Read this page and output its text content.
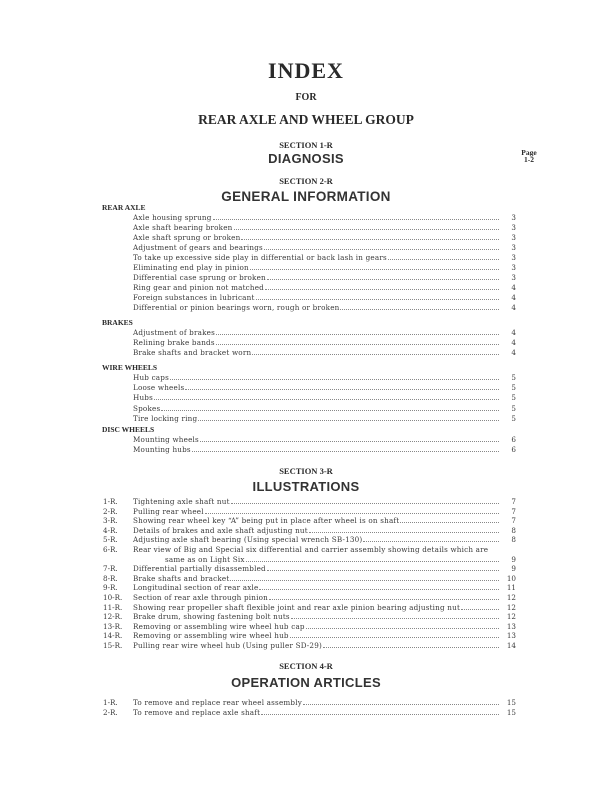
INDEX
FOR
REAR AXLE AND WHEEL GROUP
SECTION 1-R
DIAGNOSIS	Page
1-2
SECTION 2-R
GENERAL INFORMATION
SECTION 3-R
ILLUSTRATIONS
SECTION 4-R
OPERATION ARTICLES
REAR AXLE
Axle housing sprung	3
Axle shaft bearing broken	3
Axle shaft sprung or broken	3
Adjustment of gears and bearings	3
To take up excessive side play in differential or back lash in gears	3
Eliminating end play in pinion	3
Differential case sprung or broken	3
Ring gear and pinion not matched	4
Foreign substances in lubricant	4
Differential or pinion bearings worn, rough or broken	4
BRAKES
Adjustment of brakes	4
Relining brake bands	4
Brake shafts and bracket worn	4
WIRE WHEELS
Hub caps	5
Loose wheels	5
Hubs	5
Spokes	5
Tire locking ring	5
DISC WHEELS
Mounting wheels	6
Mounting hubs	6
1-R.	Tightening axle shaft nut	7
2-R.	Pulling rear wheel	7
3-R.	Showing rear wheel key “A” being put in place after wheel is on shaft	7
4-R.	Details of brakes and axle shaft adjusting nut	8
5-R.	Adjusting axle shaft bearing (Using special wrench SB-130)	8
6-R.	Rear view of Big and Special six differential and carrier assembly showing details which are
same as on Light Six	9
7-R.	Differential partially disassembled	9
8-R.	Brake shafts and bracket	10
9-R.	Longitudinal section of rear axle	11
10-R.	Section of rear axle through pinion	12
11-R.	Showing rear propeller shaft flexible joint and rear axle pinion bearing adjusting nut	12
12-R.	Brake drum, showing fastening bolt nuts	12
13-R.	Removing or assembling wire wheel hub cap	13
14-R.	Removing or assembling wire wheel hub	13
15-R.	Pulling rear wire wheel hub (Using puller SD-29)	14
1-R.	To remove and replace rear wheel assembly	15
2-R.	To remove and replace axle shaft	15
